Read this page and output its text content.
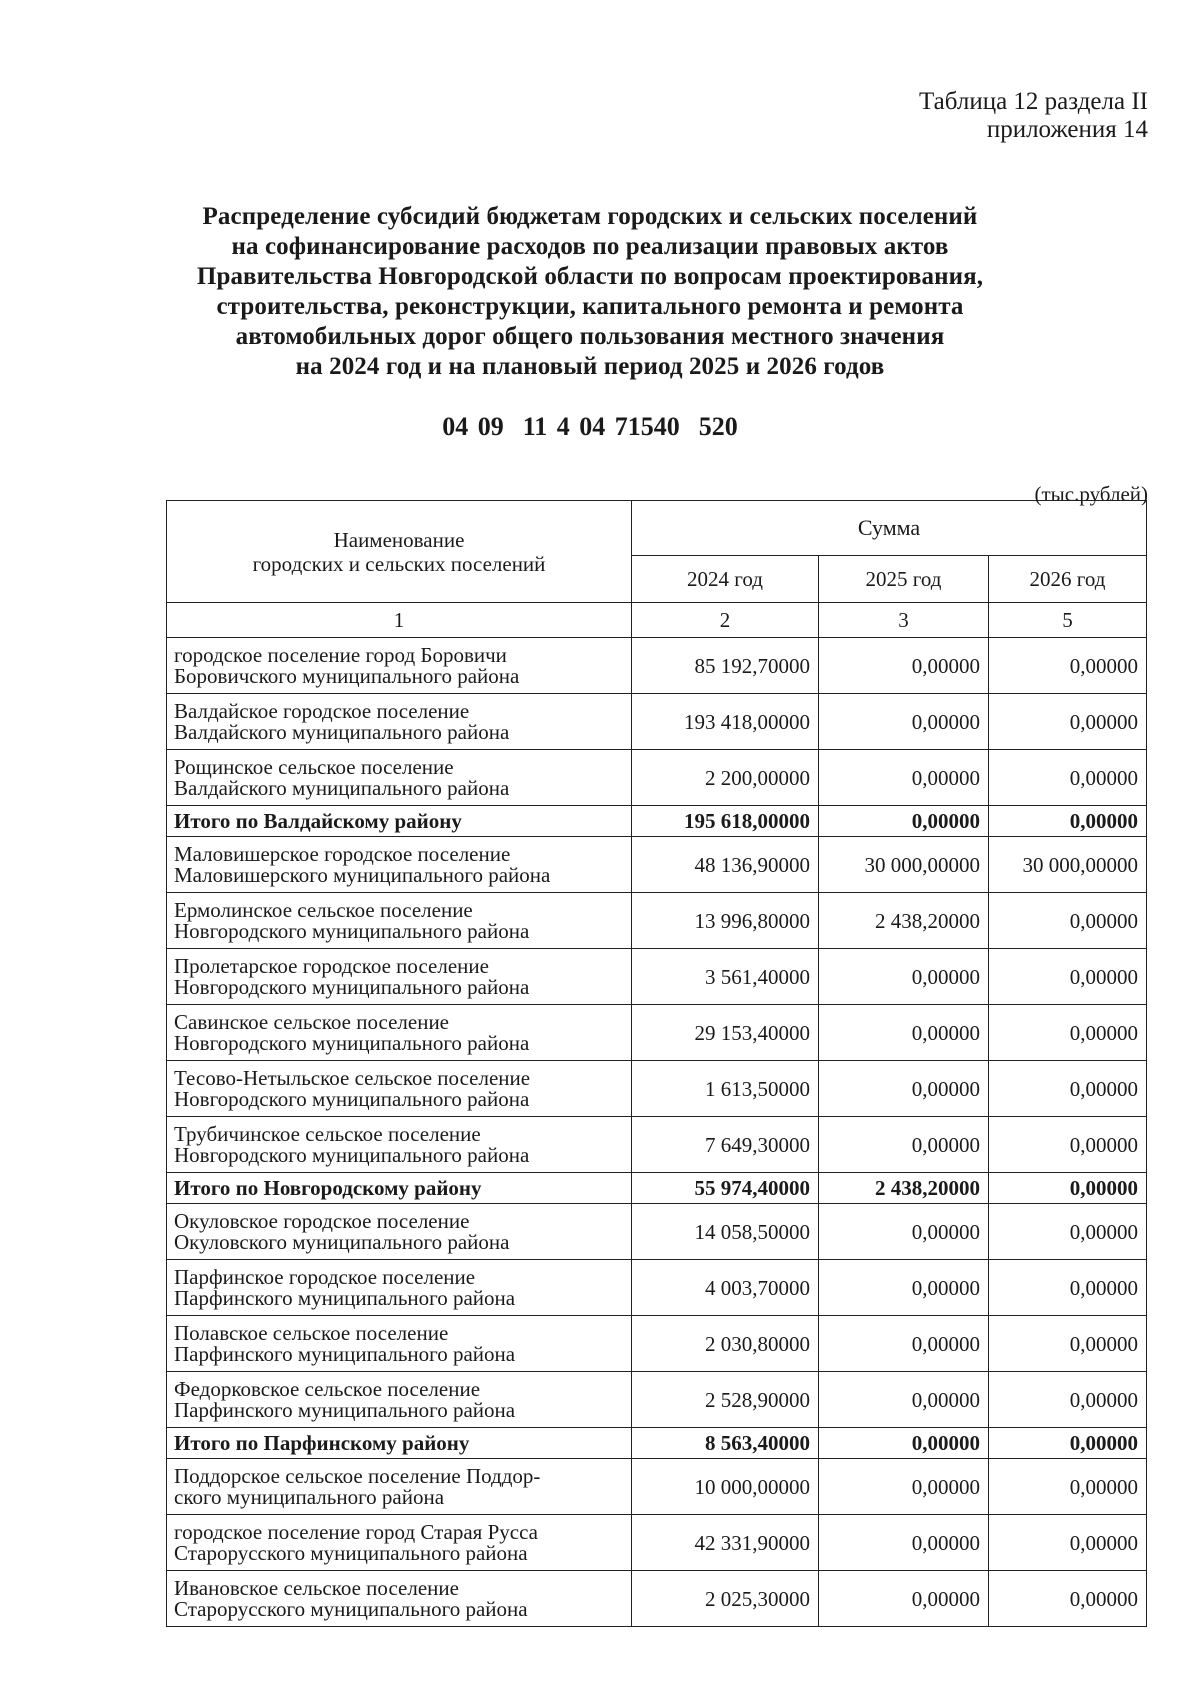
Таблица 12 раздела II
приложения 14
Распределение субсидий бюджетам городских и сельских поселений
на софинансирование расходов по реализации правовых актов
Правительства Новгородской области по вопросам проектирования,
строительства, реконструкции, капитального ремонта и ремонта
автомобильных дорог общего пользования местного значения
на 2024 год и на плановый период 2025 и 2026 годов
04 09  11 4 04 71540  520
(тыс.рублей)
Наименование
городских и сельских поселений	Сумма		
	2024 год	2025 год	2026 год
1	2	3	5

городское поселение город Боровичи
Боровичского муниципального района	85 192,70000	0,00000	0,00000

Валдайское городское поселение
Валдайского муниципального района	193 418,00000	0,00000	0,00000

Рощинское сельское поселение
Валдайского муниципального района	2 200,00000	0,00000	0,00000

Итого по Валдайскому району	195 618,00000	0,00000	0,00000

Маловишерское городское поселение
Маловишерского муниципального района	48 136,90000	30 000,00000	30 000,00000

Ермолинское сельское поселение
Новгородского муниципального района	13 996,80000	2 438,20000	0,00000

Пролетарское городское поселение
Новгородского муниципального района	3 561,40000	0,00000	0,00000

Савинское сельское поселение
Новгородского муниципального района	29 153,40000	0,00000	0,00000

Тесово-Нетыльское сельское поселение
Новгородского муниципального района	1 613,50000	0,00000	0,00000

Трубичинское сельское поселение
Новгородского муниципального района	7 649,30000	0,00000	0,00000

Итого по Новгородскому району	55 974,40000	2 438,20000	0,00000

Окуловское городское поселение
Окуловского муниципального района	14 058,50000	0,00000	0,00000

Парфинское городское поселение
Парфинского муниципального района	4 003,70000	0,00000	0,00000

Полавское сельское поселение
Парфинского муниципального района	2 030,80000	0,00000	0,00000

Федорковское сельское поселение
Парфинского муниципального района	2 528,90000	0,00000	0,00000

Итого по Парфинскому району	8 563,40000	0,00000	0,00000

Поддорское сельское поселение Поддор-
ского муниципального района	10 000,00000	0,00000	0,00000

городское поселение город Старая Русса
Старорусского муниципального района	42 331,90000	0,00000	0,00000

Ивановское сельское поселение
Старорусского муниципального района	2 025,30000	0,00000	0,00000
